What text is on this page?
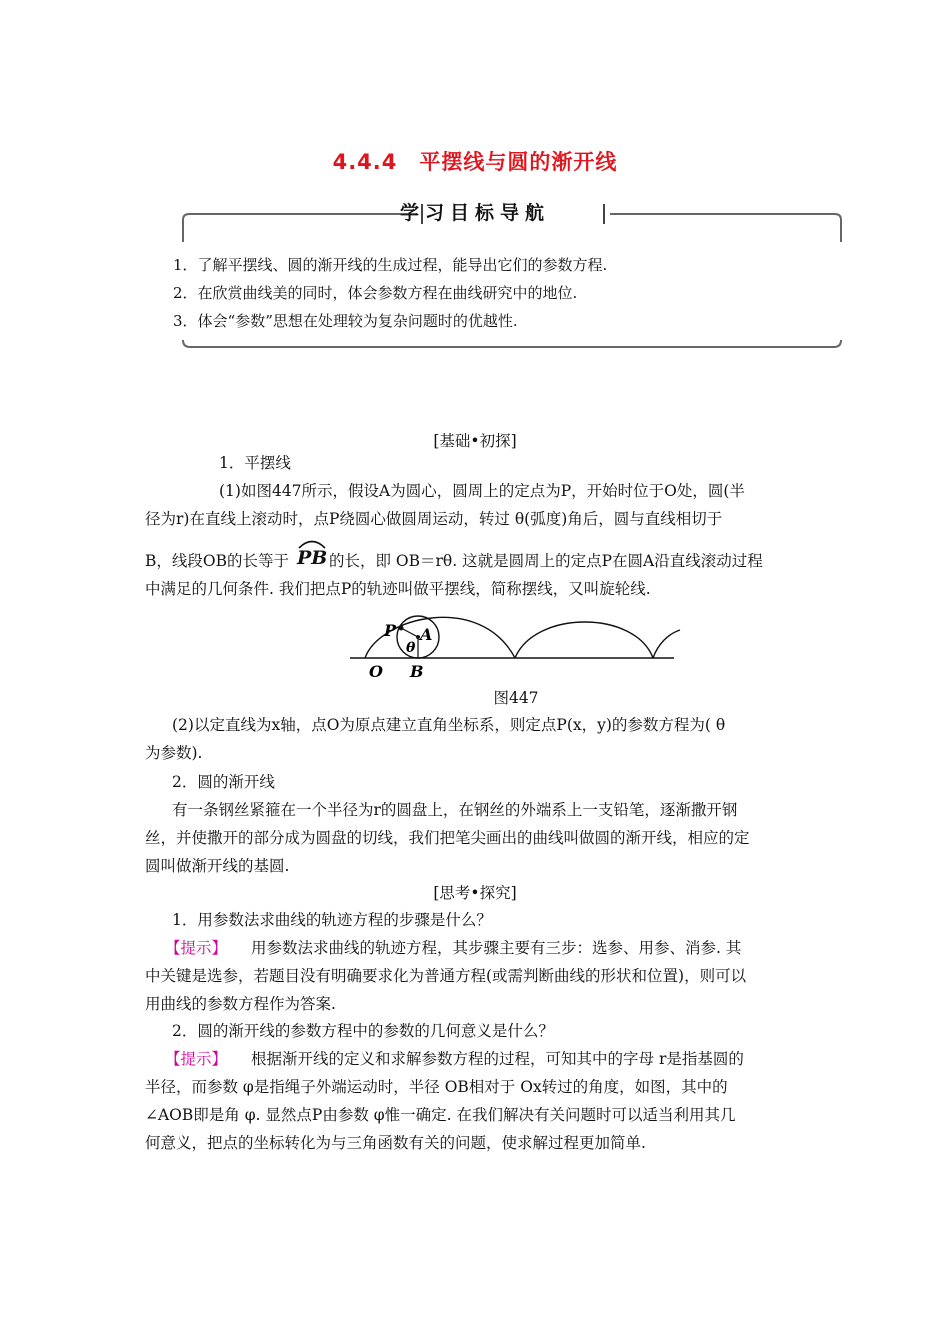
4.4.4　平摆线与圆的渐开线
学习目标导航
1．了解平摆线、圆的渐开线的生成过程，能导出它们的参数方程.
2．在欣赏曲线美的同时，体会参数方程在曲线研究中的地位.
3．体会“参数”思想在处理较为复杂问题时的优越性.
[基础•初探]
1．平摆线
(1)如图447所示，假设A为圆心，圆周上的定点为P，开始时位于O处，圆(半
径为r)在直线上滚动时，点P绕圆心做圆周运动，转过 θ(弧度)角后，圆与直线相切于
B，线段OB的长等于 PB 的长，即 OB＝rθ. 这就是圆周上的定点P在圆A沿直线滚动过程
中满足的几何条件. 我们把点P的轨迹叫做平摆线，简称摆线，又叫旋轮线.
P A
θ
O B
图447
(2)以定直线为x轴，点O为原点建立直角坐标系，则定点P(x，y)的参数方程为( θ
为参数).
2．圆的渐开线
有一条钢丝紧箍在一个半径为r的圆盘上，在钢丝的外端系上一支铅笔，逐渐撒开钢
丝，并使撒开的部分成为圆盘的切线，我们把笔尖画出的曲线叫做圆的渐开线，相应的定
圆叫做渐开线的基圆.
[思考•探究]
1．用参数法求曲线的轨迹方程的步骤是什么？
【提示】 用参数法求曲线的轨迹方程，其步骤主要有三步：选参、用参、消参. 其
中关键是选参，若题目没有明确要求化为普通方程(或需判断曲线的形状和位置)，则可以
用曲线的参数方程作为答案.
2．圆的渐开线的参数方程中的参数的几何意义是什么？
【提示】 根据渐开线的定义和求解参数方程的过程，可知其中的字母 r是指基圆的
半径，而参数 φ是指绳子外端运动时，半径 OB相对于 Ox转过的角度，如图，其中的
∠AOB即是角 φ. 显然点P由参数 φ惟一确定. 在我们解决有关问题时可以适当利用其几
何意义，把点的坐标转化为与三角函数有关的问题，使求解过程更加简单.
